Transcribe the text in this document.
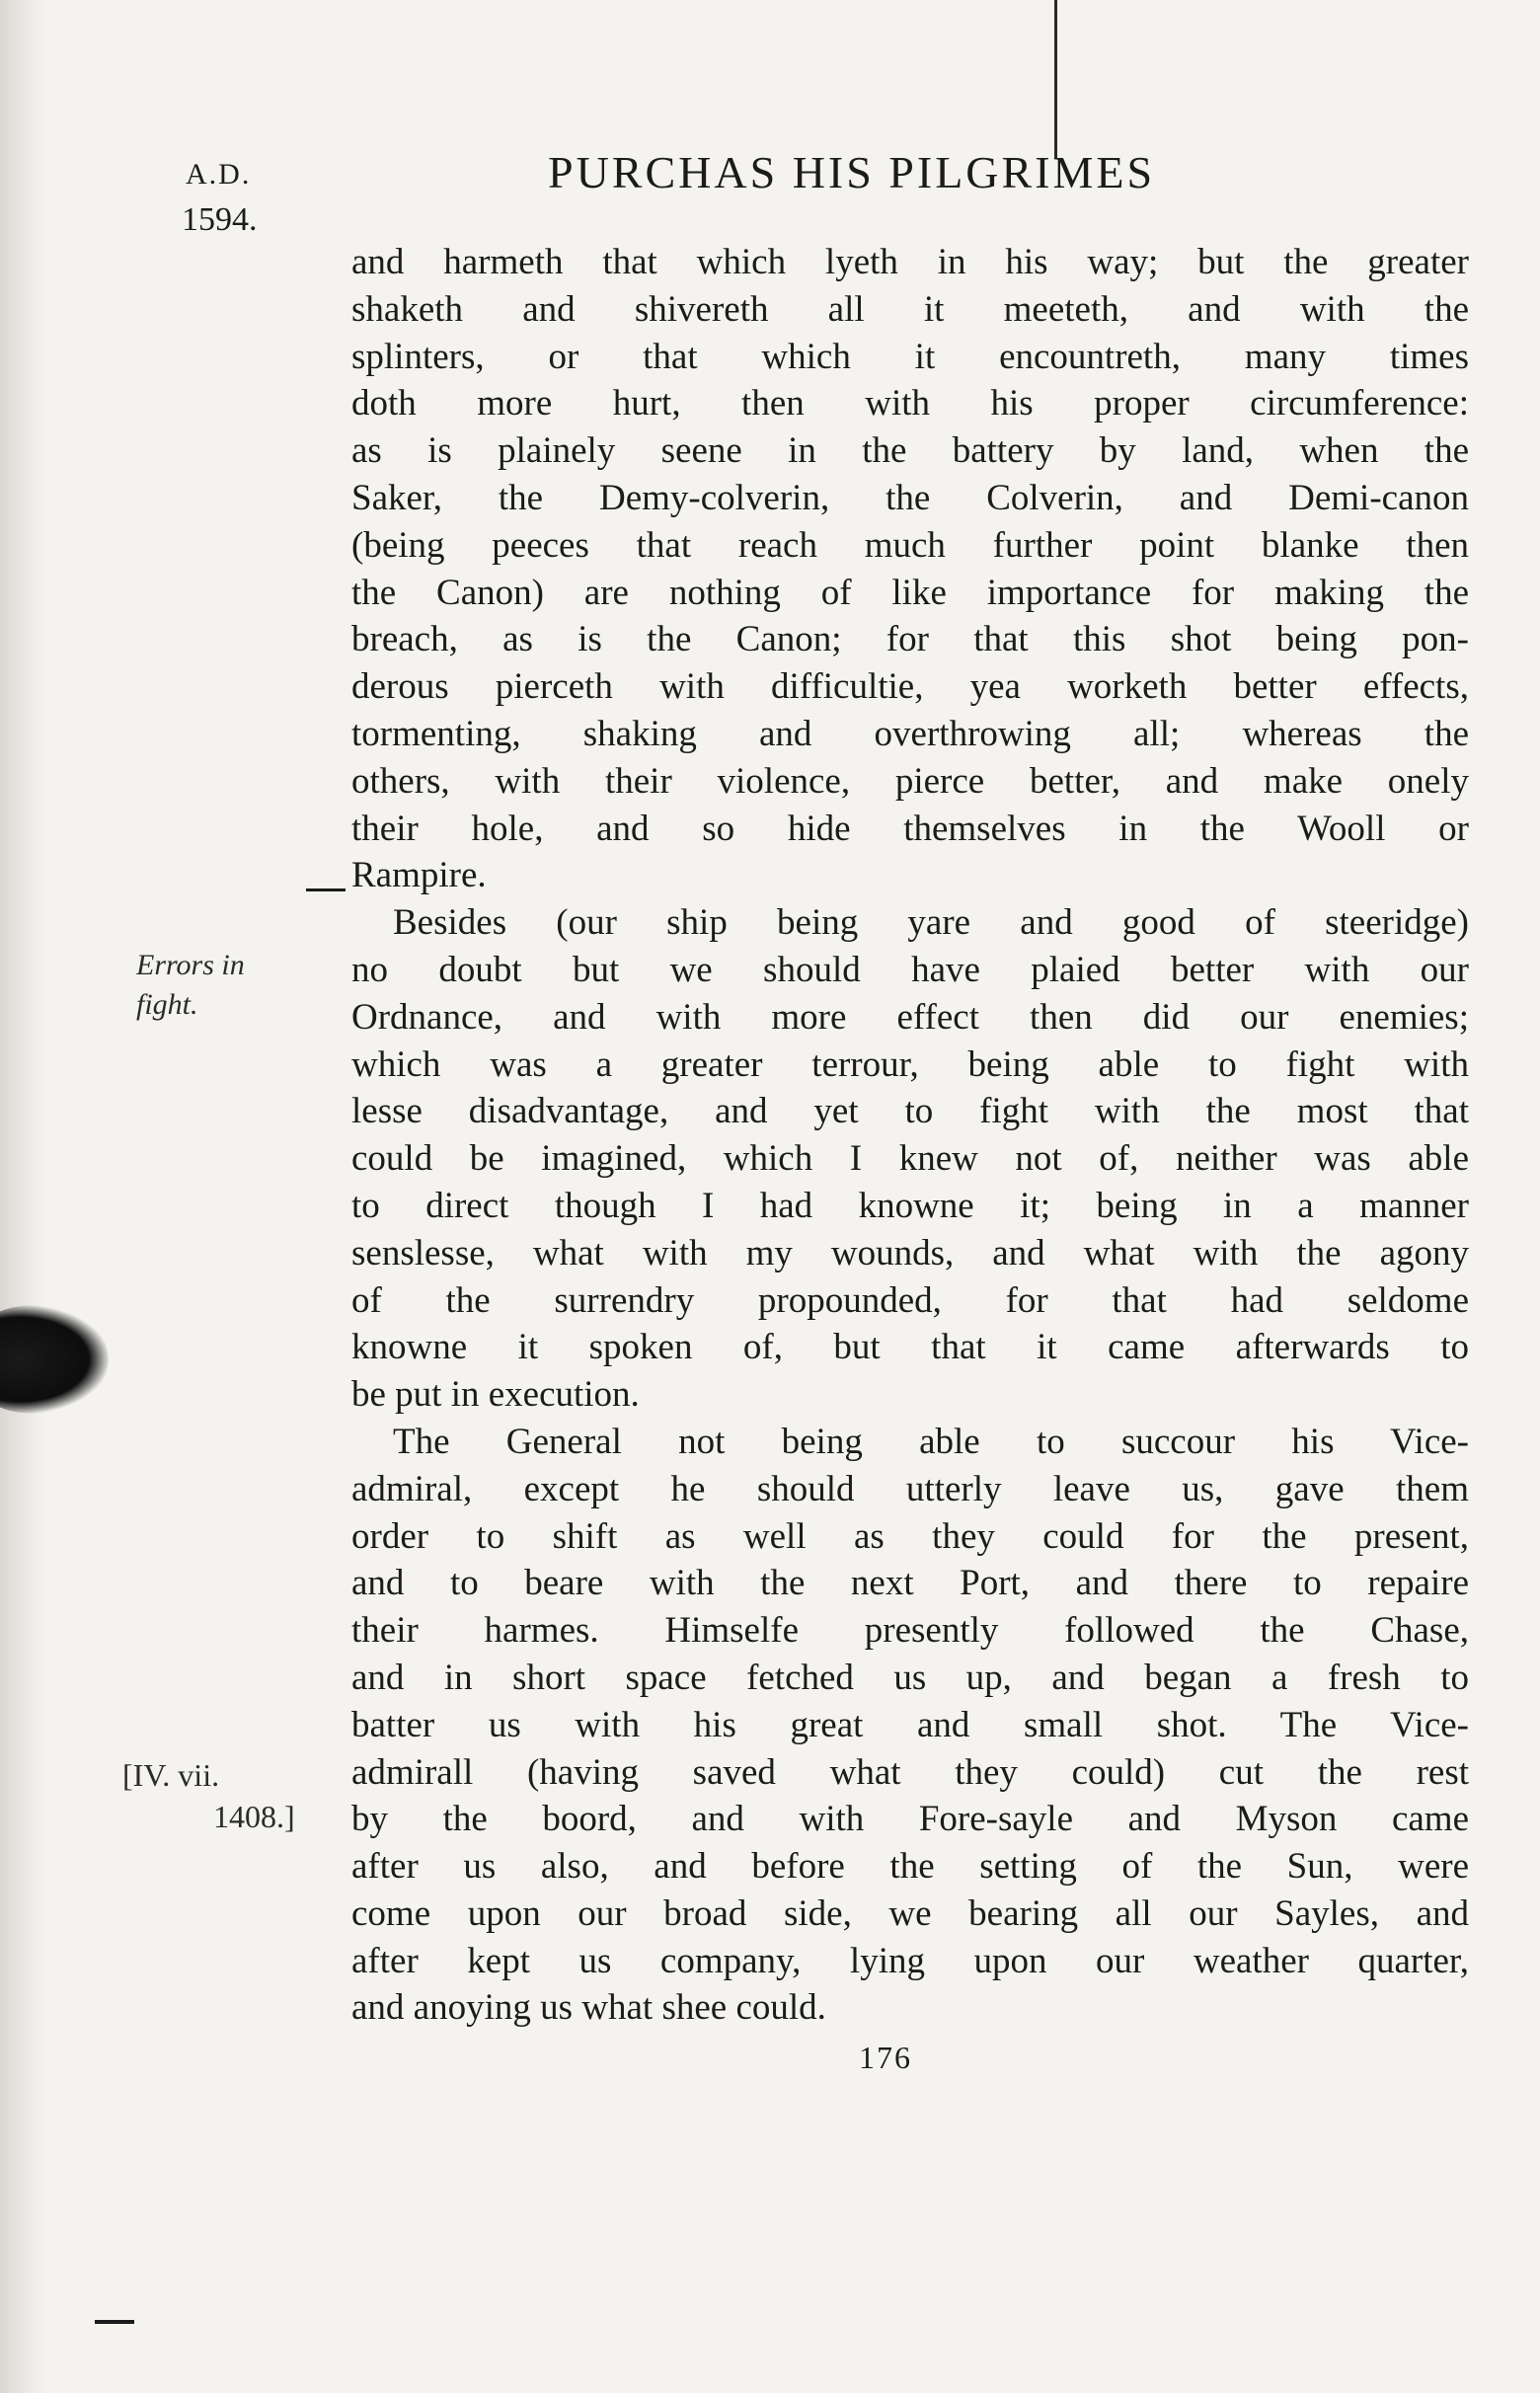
A.D.	PURCHAS HIS PILGRIMES
1594.
Errors in
fight.
[IV. vii.
1408.]
and harmeth that which lyeth in his way; but the greater
shaketh and shivereth all it meeteth, and with the
splinters, or that which it encountreth, many times
doth more hurt, then with his proper circumference:
as is plainely seene in the battery by land, when the
Saker, the Demy-colverin, the Colverin, and Demi-canon
(being peeces that reach much further point blanke then
the Canon) are nothing of like importance for making the
breach, as is the Canon; for that this shot being pon-
derous pierceth with difficultie, yea worketh better effects,
tormenting, shaking and overthrowing all; whereas the
others, with their violence, pierce better, and make onely
their hole, and so hide themselves in the Wooll or
Rampire.
Besides (our ship being yare and good of steeridge)
no doubt but we should have plaied better with our
Ordnance, and with more effect then did our enemies;
which was a greater terrour, being able to fight with
lesse disadvantage, and yet to fight with the most that
could be imagined, which I knew not of, neither was able
to direct though I had knowne it; being in a manner
senslesse, what with my wounds, and what with the agony
of the surrendry propounded, for that had seldome
knowne it spoken of, but that it came afterwards to
be put in execution.
The General not being able to succour his Vice-
admiral, except he should utterly leave us, gave them
order to shift as well as they could for the present,
and to beare with the next Port, and there to repaire
their harmes. Himselfe presently followed the Chase,
and in short space fetched us up, and began a fresh to
batter us with his great and small shot. The Vice-
admirall (having saved what they could) cut the rest
by the boord, and with Fore-sayle and Myson came
after us also, and before the setting of the Sun, were
come upon our broad side, we bearing all our Sayles, and
after kept us company, lying upon our weather quarter,
and anoying us what shee could.
176
